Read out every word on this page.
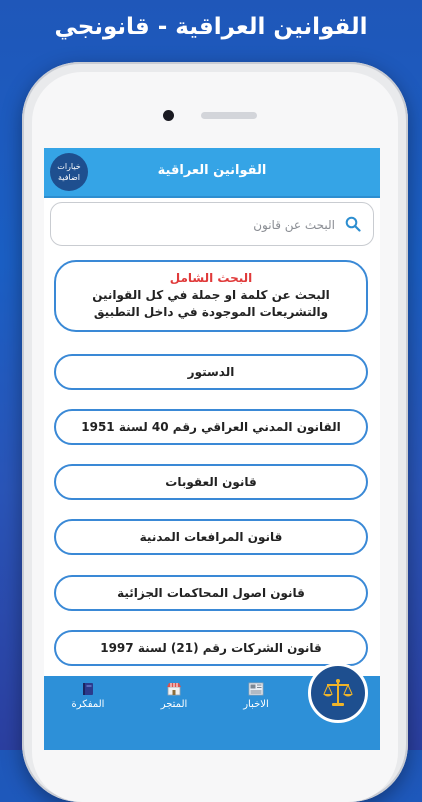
القوانين العراقية - قانونجي
القوانين العراقية
خيارات اضافية
البحث عن قانون
البحث الشامل
البحث عن كلمة او جملة في كل القوانين والتشريعات الموجودة في داخل التطبيق
الدستور
القانون المدني العراقي رقم 40 لسنة 1951
قانون العقوبات
قانون المرافعات المدنية
قانون اصول المحاكمات الجزائية
قانون الشركات رقم (21) لسنة 1997
الاخبار
المتجر
المفكرة
